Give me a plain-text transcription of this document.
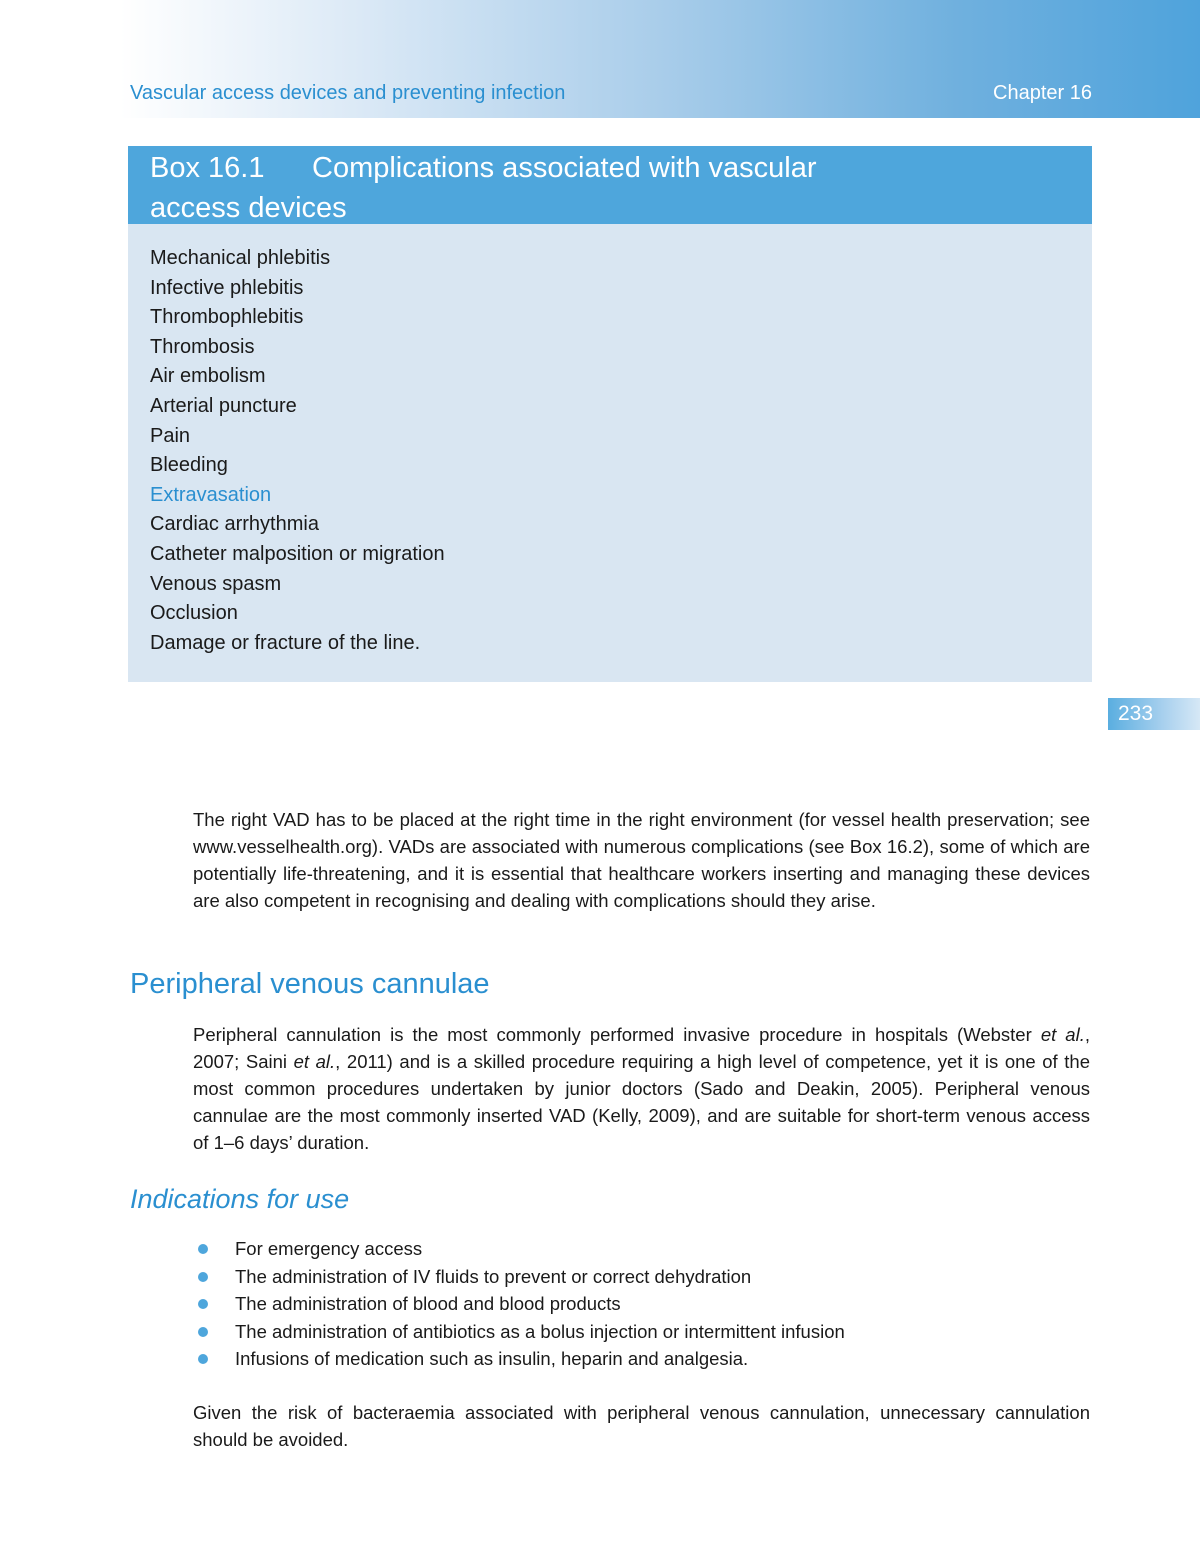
Vascular access devices and preventing infection	Chapter 16
Box 16.1 Complications associated with vascular
access devices
Mechanical phlebitis
Infective phlebitis
Thrombophlebitis
Thrombosis
Air embolism
Arterial puncture
Pain
Bleeding
Extravasation
Cardiac arrhythmia
Catheter malposition or migration
Venous spasm
Occlusion
Damage or fracture of the line.
233

The right VAD has to be placed at the right time in the right environment (for vessel health preservation; see www.vesselhealth.org). VADs are associated with numerous complications (see Box 16.2), some of which are potentially life-threatening, and it is essential that healthcare workers inserting and managing these devices are also competent in recognising and dealing with complications should they arise.

Peripheral venous cannulae

Peripheral cannulation is the most commonly performed invasive procedure in hospitals (Webster et al., 2007; Saini et al., 2011) and is a skilled procedure requiring a high level of competence, yet it is one of the most common procedures undertaken by junior doctors (Sado and Deakin, 2005). Peripheral venous cannulae are the most commonly inserted VAD (Kelly, 2009), and are suitable for short-term venous access of 1–6 days’ duration.

Indications for use
For emergency access
The administration of IV fluids to prevent or correct dehydration
The administration of blood and blood products
The administration of antibiotics as a bolus injection or intermittent infusion
Infusions of medication such as insulin, heparin and analgesia.

Given the risk of bacteraemia associated with peripheral venous cannulation, unnecessary cannulation should be avoided.
